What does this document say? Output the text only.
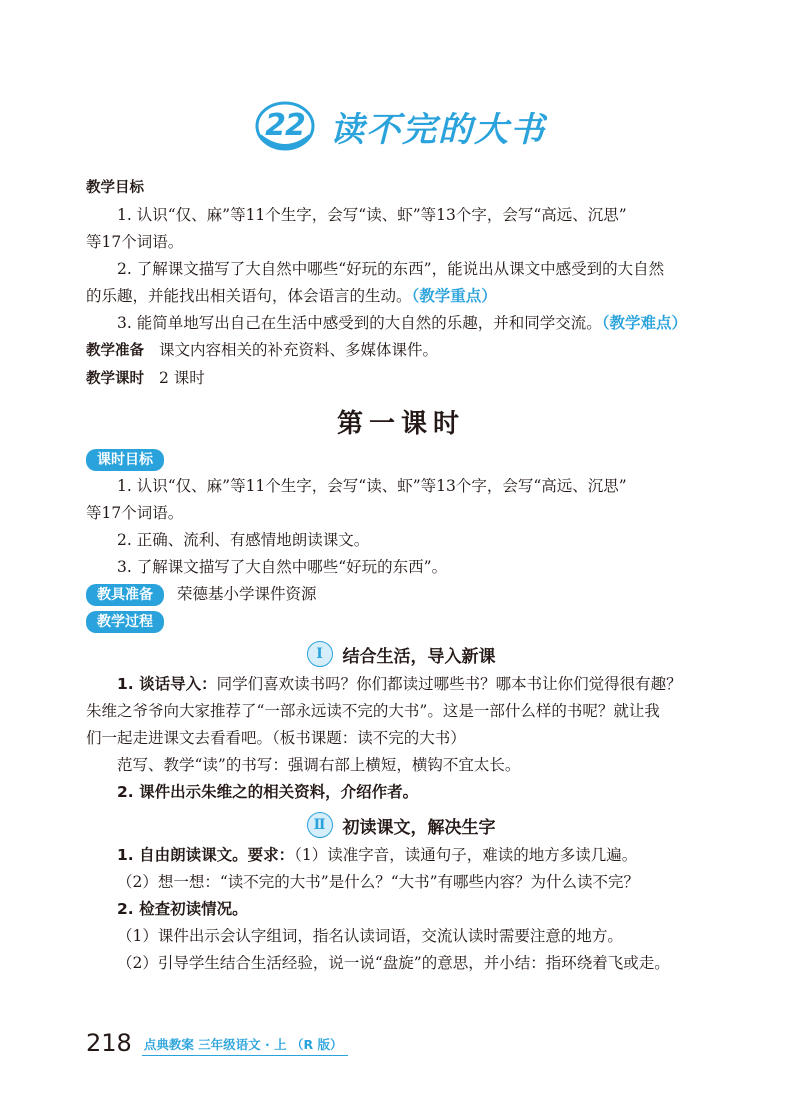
22 读不完的大书
教学目标
1. 认识“仅、麻”等11个生字，会写“读、虾”等13个字，会写“高远、沉思”
等17个词语。
2. 了解课文描写了大自然中哪些“好玩的东西”，能说出从课文中感受到的大自然
的乐趣，并能找出相关语句，体会语言的生动。（教学重点）
3. 能简单地写出自己在生活中感受到的大自然的乐趣，并和同学交流。（教学难点）
教学准备 课文内容相关的补充资料、多媒体课件。
教学课时 2 课时
第一课时
课时目标
1. 认识“仅、麻”等11个生字，会写“读、虾”等13个字，会写“高远、沉思”
等17个词语。
2. 正确、流利、有感情地朗读课文。
3. 了解课文描写了大自然中哪些“好玩的东西”。
教具准备 荣德基小学课件资源
教学过程
Ⅰ	结合生活，导入新课
1. 谈话导入：同学们喜欢读书吗？你们都读过哪些书？哪本书让你们觉得很有趣？
朱维之爷爷向大家推荐了“一部永远读不完的大书”。这是一部什么样的书呢？就让我
们一起走进课文去看看吧。（板书课题：读不完的大书）
范写、教学“读”的书写：强调右部上横短，横钩不宜太长。
2. 课件出示朱维之的相关资料，介绍作者。
Ⅱ	初读课文，解决生字
1. 自由朗读课文。要求：（1）读准字音，读通句子，难读的地方多读几遍。
（2）想一想：“读不完的大书”是什么？“大书”有哪些内容？为什么读不完？
2. 检查初读情况。
（1）课件出示会认字组词，指名认读词语，交流认读时需要注意的地方。
（2）引导学生结合生活经验，说一说“盘旋”的意思，并小结：指环绕着飞或走。
218 点典教案 三年级语文 · 上 （R 版）
